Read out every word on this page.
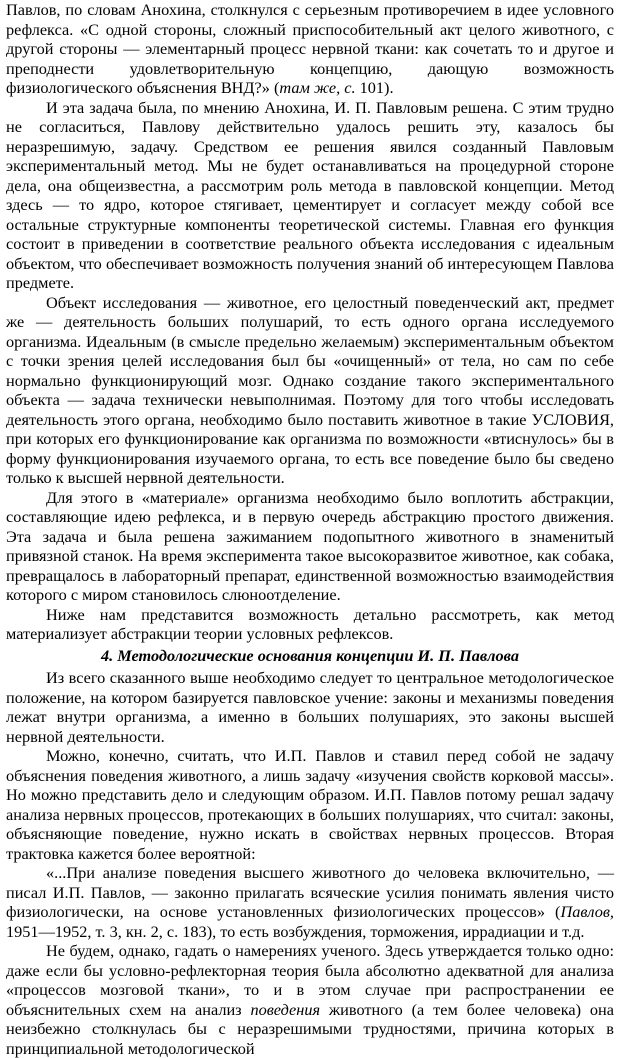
Павлов, по словам Анохина, столкнулся с серьезным противоречием в идее условного рефлекса. «С одной стороны, сложный приспособительный акт целого животного, с другой стороны — элементарный процесс нервной ткани: как сочетать то и другое и преподнести удовлетворительную концепцию, дающую возможность физиологического объяснения ВНД?» (там же, с. 101).

И эта задача была, по мнению Анохина, И. П. Павловым решена. С этим трудно не согласиться, Павлову действительно удалось решить эту, казалось бы неразрешимую, задачу. Средством ее решения явился созданный Павловым экспериментальный метод. Мы не будет останавливаться на процедурной стороне дела, она общеизвестна, а рассмотрим роль метода в павловской концепции. Метод здесь — то ядро, которое стягивает, цементирует и согласует между собой все остальные структурные компоненты теоретической системы. Главная его функция состоит в приведении в соответствие реального объекта исследования с идеальным объектом, что обеспечивает возможность получения знаний об интересующем Павлова предмете.

Объект исследования — животное, его целостный поведенческий акт, предмет же — деятельность больших полушарий, то есть одного органа исследуемого организма. Идеальным (в смысле предельно желаемым) экспериментальным объектом с точки зрения целей исследования был бы «очищенный» от тела, но сам по себе нормально функционирующий мозг. Однако создание такого экспериментального объекта — задача технически невыполнимая. Поэтому для того чтобы исследовать деятельность этого органа, необходимо было поставить животное в такие УСЛОВИЯ, при которых его функционирование как организма по возможности «втиснулось» бы в форму функционирования изучаемого органа, то есть все поведение было бы сведено только к высшей нервной деятельности.

Для этого в «материале» организма необходимо было воплотить абстракции, составляющие идею рефлекса, и в первую очередь абстракцию простого движения. Эта задача и была решена зажиманием подопытного животного в знаменитый привязной станок. На время эксперимента такое высокоразвитое животное, как собака, превращалось в лабораторный препарат, единственной возможностью взаимодействия которого с миром становилось слюноотделение.

Ниже нам представится возможность детально рассмотреть, как метод материализует абстракции теории условных рефлексов.

4. Методологические основания концепции И. П. Павлова

Из всего сказанного выше необходимо следует то центральное методологическое положение, на котором базируется павловское учение: законы и механизмы поведения лежат внутри организма, а именно в больших полушариях, это законы высшей нервной деятельности.

Можно, конечно, считать, что И.П. Павлов и ставил перед собой не задачу объяснения поведения животного, а лишь задачу «изучения свойств корковой массы». Но можно представить дело и следующим образом. И.П. Павлов потому решал задачу анализа нервных процессов, протекающих в больших полушариях, что считал: законы, объясняющие поведение, нужно искать в свойствах нервных процессов. Вторая трактовка кажется более вероятной:

«...При анализе поведения высшего животного до человека включительно, — писал И.П. Павлов, — законно прилагать всяческие усилия понимать явления чисто физиологически, на основе установленных физиологических процессов» (Павлов, 1951—1952, т. 3, кн. 2, с. 183), то есть возбуждения, торможения, иррадиации и т.д.

Не будем, однако, гадать о намерениях ученого. Здесь утверждается только одно: даже если бы условно-рефлекторная теория была абсолютно адекватной для анализа «процессов мозговой ткани», то и в этом случае при распространении ее объяснительных схем на анализ поведения животного (а тем более человека) она неизбежно столкнулась бы с неразрешимыми трудностями, причина которых в принципиальной методологической
